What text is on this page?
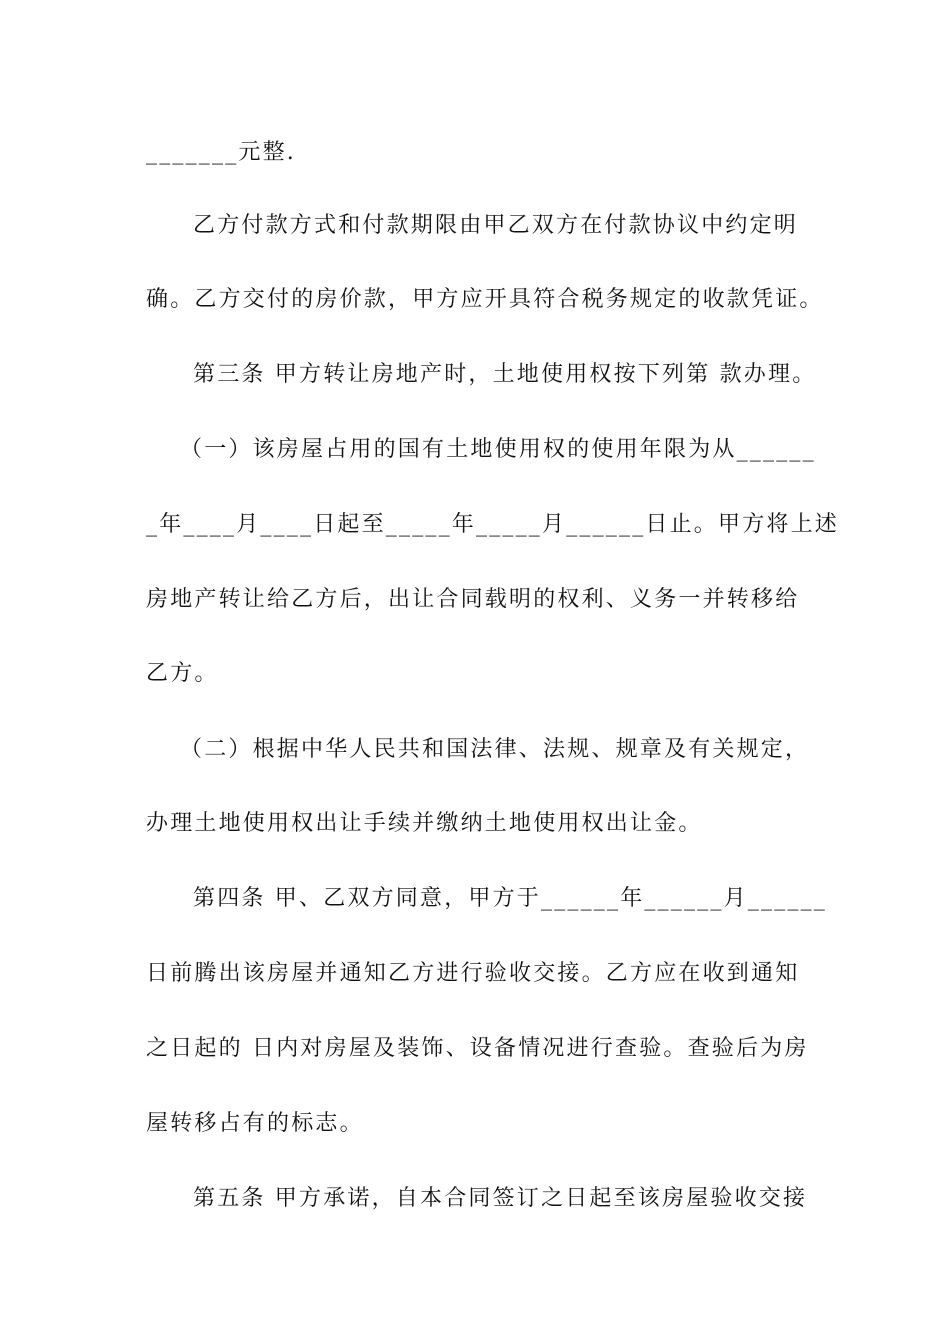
_______元整.
乙方付款方式和付款期限由甲乙双方在付款协议中约定明
确。乙方交付的房价款，甲方应开具符合税务规定的收款凭证。
第三条 甲方转让房地产时，土地使用权按下列第 款办理。
（一）该房屋占用的国有土地使用权的使用年限为从______
_年____月____日起至_____年_____月______日止。甲方将上述
房地产转让给乙方后，出让合同载明的权利、义务一并转移给
乙方。
（二）根据中华人民共和国法律、法规、规章及有关规定，
办理土地使用权出让手续并缴纳土地使用权出让金。
第四条 甲、乙双方同意，甲方于______年______月______
日前腾出该房屋并通知乙方进行验收交接。乙方应在收到通知
之日起的 日内对房屋及装饰、设备情况进行查验。查验后为房
屋转移占有的标志。
第五条 甲方承诺，自本合同签订之日起至该房屋验收交接
